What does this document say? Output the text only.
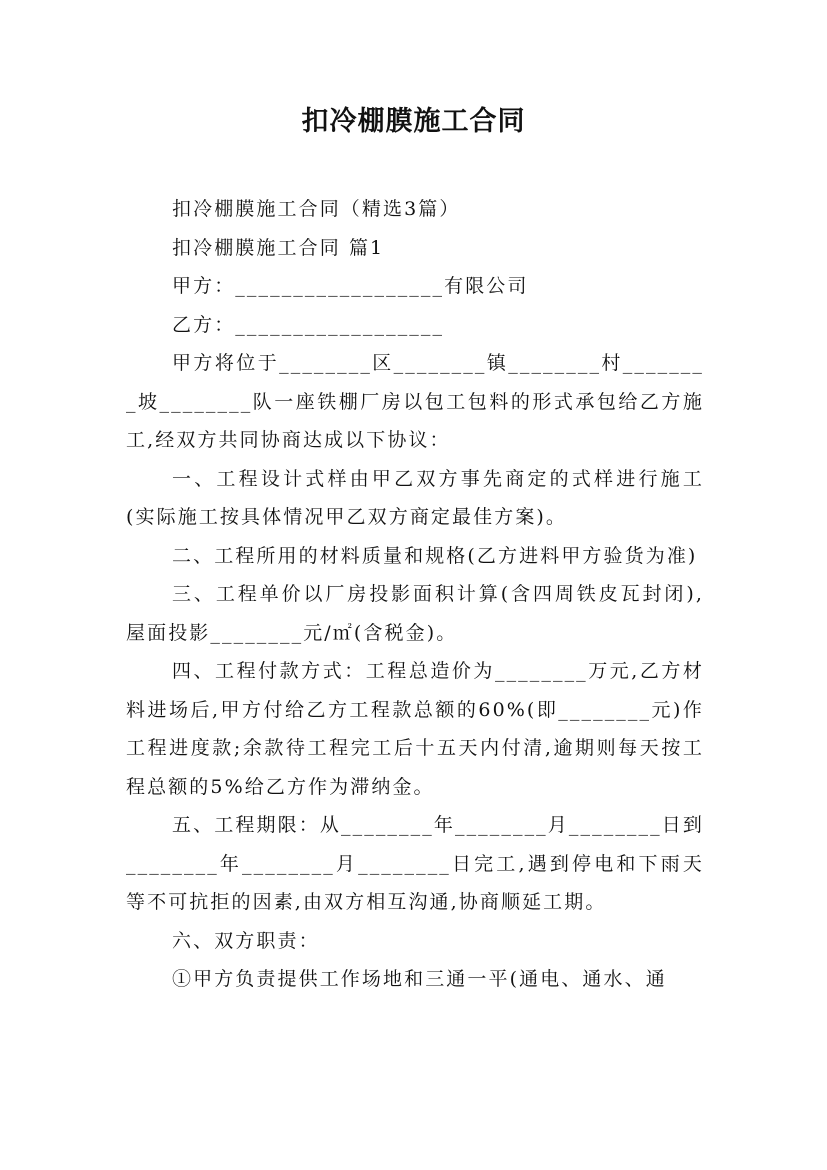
扣冷棚膜施工合同

扣冷棚膜施工合同（精选3篇）

扣冷棚膜施工合同 篇1

甲方：__________________有限公司

乙方：__________________

甲方将位于________区________镇________村________坡________队一座铁棚厂房以包工包料的形式承包给乙方施工,经双方共同协商达成以下协议：

一、工程设计式样由甲乙双方事先商定的式样进行施工(实际施工按具体情况甲乙双方商定最佳方案)。

二、工程所用的材料质量和规格(乙方进料甲方验货为准)

三、工程单价以厂房投影面积计算(含四周铁皮瓦封闭),屋面投影________元/㎡(含税金)。

四、工程付款方式：工程总造价为________万元,乙方材料进场后,甲方付给乙方工程款总额的60%(即________元)作工程进度款;余款待工程完工后十五天内付清,逾期则每天按工程总额的5%给乙方作为滞纳金。

五、工程期限：从________年________月________日到________年________月________日完工,遇到停电和下雨天等不可抗拒的因素,由双方相互沟通,协商顺延工期。

六、双方职责：

①甲方负责提供工作场地和三通一平(通电、通水、通
